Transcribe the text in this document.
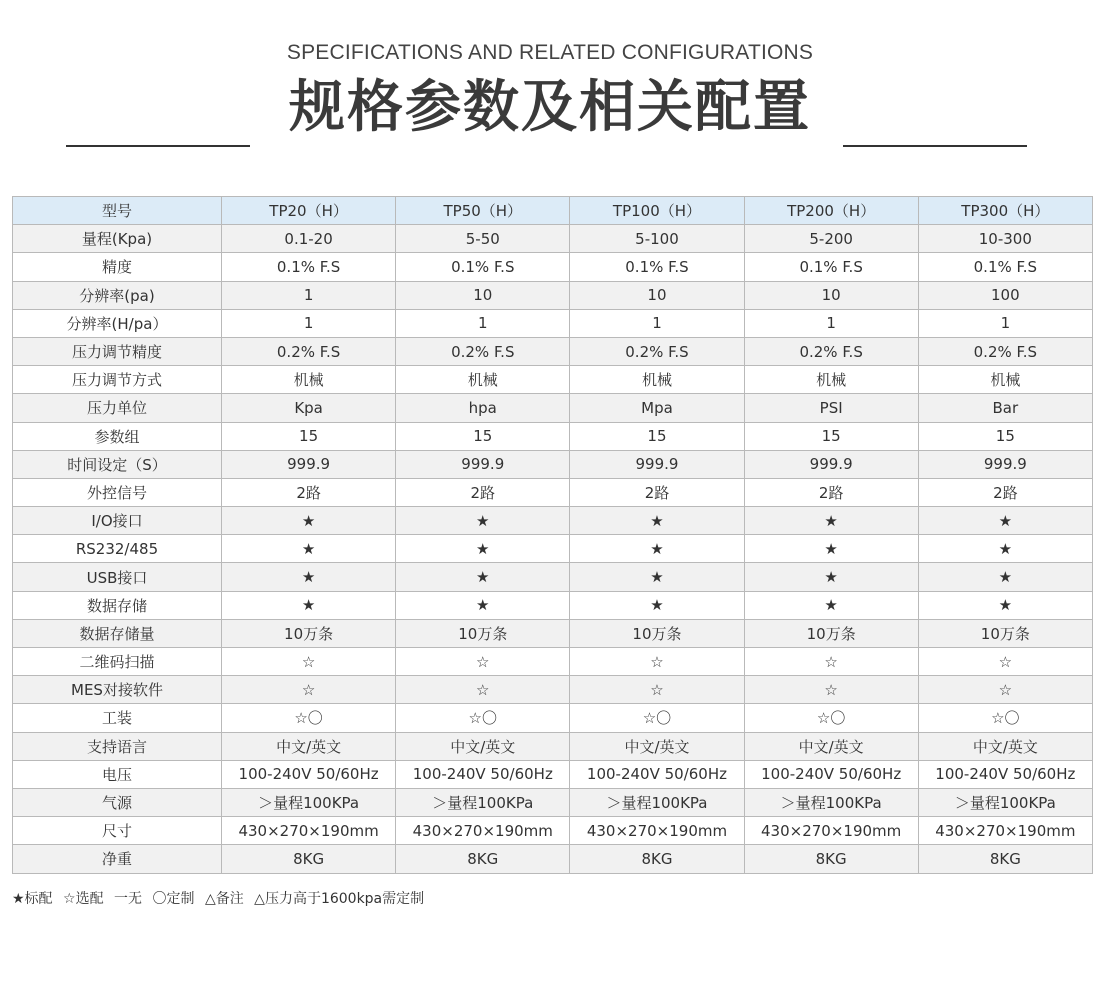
SPECIFICATIONS AND RELATED CONFIGURATIONS
规格参数及相关配置
型号	TP20（H）	TP50（H）	TP100（H）	TP200（H）	TP300（H）
量程(Kpa)	0.1-20	5-50	5-100	5-200	10-300
精度	0.1% F.S	0.1% F.S	0.1% F.S	0.1% F.S	0.1% F.S
分辨率(pa)	1	10	10	10	100
分辨率(H/pa）	1	1	1	1	1
压力调节精度	0.2% F.S	0.2% F.S	0.2% F.S	0.2% F.S	0.2% F.S
压力调节方式	机械	机械	机械	机械	机械
压力单位	Kpa	hpa	Mpa	PSI	Bar
参数组	15	15	15	15	15
时间设定（S）	999.9	999.9	999.9	999.9	999.9
外控信号	2路	2路	2路	2路	2路
I/O接口	★	★	★	★	★
RS232/485	★	★	★	★	★
USB接口	★	★	★	★	★
数据存储	★	★	★	★	★
数据存储量	10万条	10万条	10万条	10万条	10万条
二维码扫描	☆	☆	☆	☆	☆
MES对接软件	☆	☆	☆	☆	☆
工装	☆〇	☆〇	☆〇	☆〇	☆〇
支持语言	中文/英文	中文/英文	中文/英文	中文/英文	中文/英文
电压	100-240V 50/60Hz	100-240V 50/60Hz	100-240V 50/60Hz	100-240V 50/60Hz	100-240V 50/60Hz
气源	＞量程100KPa	＞量程100KPa	＞量程100KPa	＞量程100KPa	＞量程100KPa
尺寸	430×270×190mm	430×270×190mm	430×270×190mm	430×270×190mm	430×270×190mm
净重	8KG	8KG	8KG	8KG	8KG
★标配 ☆选配 一无 〇定制 △备注 △压力高于1600kpa需定制
